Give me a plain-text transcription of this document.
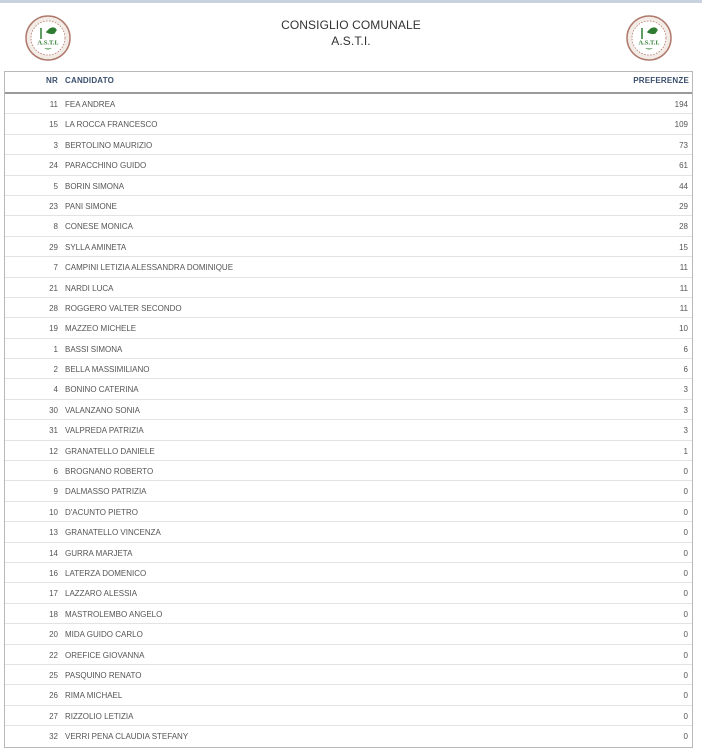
A.S.T.I.
CONSIGLIO COMUNALE
A.S.T.I.	A.S.T.I.
NR CANDIDATO	PREFERENZE
11 FEA ANDREA	194
15 LA ROCCA FRANCESCO	109
3 BERTOLINO MAURIZIO	73
24 PARACCHINO GUIDO	61
5 BORIN SIMONA	44
23 PANI SIMONE	29
8 CONESE MONICA	28
29 SYLLA AMINETA	15
7 CAMPINI LETIZIA ALESSANDRA DOMINIQUE	11
21 NARDI LUCA	11
28 ROGGERO VALTER SECONDO	11
19 MAZZEO MICHELE	10
1 BASSI SIMONA	6
2 BELLA MASSIMILIANO	6
4 BONINO CATERINA	3
30 VALANZANO SONIA	3
31 VALPREDA PATRIZIA	3
12 GRANATELLO DANIELE	1
6 BROGNANO ROBERTO	0
9 DALMASSO PATRIZIA	0
10 D'ACUNTO PIETRO	0
13 GRANATELLO VINCENZA	0
14 GURRA MARJETA	0
16 LATERZA DOMENICO	0
17 LAZZARO ALESSIA	0
18 MASTROLEMBO ANGELO	0
20 MIDA GUIDO CARLO	0
22 OREFICE GIOVANNA	0
25 PASQUINO RENATO	0
26 RIMA MICHAEL	0
27 RIZZOLIO LETIZIA	0
32 VERRI PENA CLAUDIA STEFANY	0
